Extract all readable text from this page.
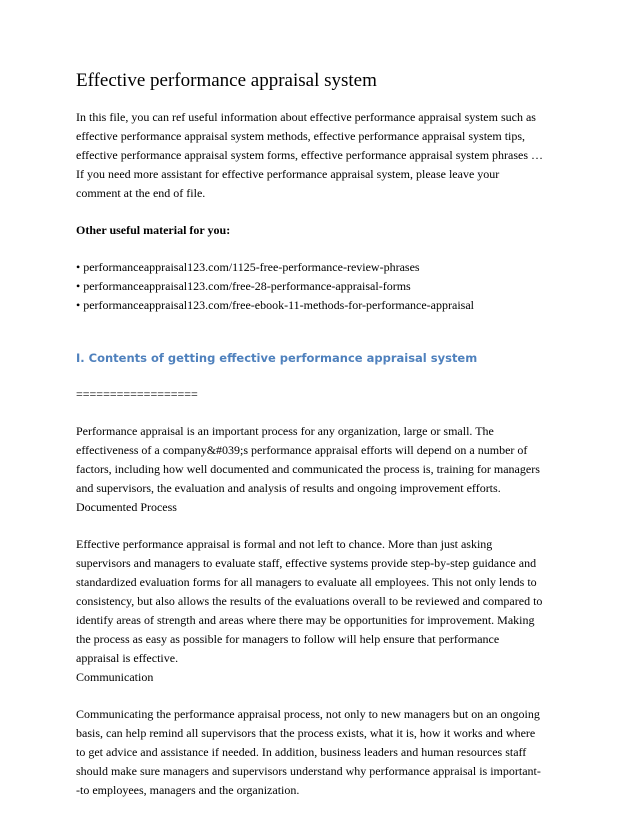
Effective performance appraisal system

In this file, you can ref useful information about effective performance appraisal system such as
effective performance appraisal system methods, effective performance appraisal system tips,
effective performance appraisal system forms, effective performance appraisal system phrases …
If you need more assistant for effective performance appraisal system, please leave your
comment at the end of file.

Other useful material for you:

• performanceappraisal123.com/1125-free-performance-review-phrases
• performanceappraisal123.com/free-28-performance-appraisal-forms
• performanceappraisal123.com/free-ebook-11-methods-for-performance-appraisal

I. Contents of getting effective performance appraisal system

==================

Performance appraisal is an important process for any organization, large or small. The
effectiveness of a company&#039;s performance appraisal efforts will depend on a number of
factors, including how well documented and communicated the process is, training for managers
and supervisors, the evaluation and analysis of results and ongoing improvement efforts.
Documented Process

Effective performance appraisal is formal and not left to chance. More than just asking
supervisors and managers to evaluate staff, effective systems provide step-by-step guidance and
standardized evaluation forms for all managers to evaluate all employees. This not only lends to
consistency, but also allows the results of the evaluations overall to be reviewed and compared to
identify areas of strength and areas where there may be opportunities for improvement. Making
the process as easy as possible for managers to follow will help ensure that performance
appraisal is effective.
Communication

Communicating the performance appraisal process, not only to new managers but on an ongoing
basis, can help remind all supervisors that the process exists, what it is, how it works and where
to get advice and assistance if needed. In addition, business leaders and human resources staff
should make sure managers and supervisors understand why performance appraisal is important-
-to employees, managers and the organization.
